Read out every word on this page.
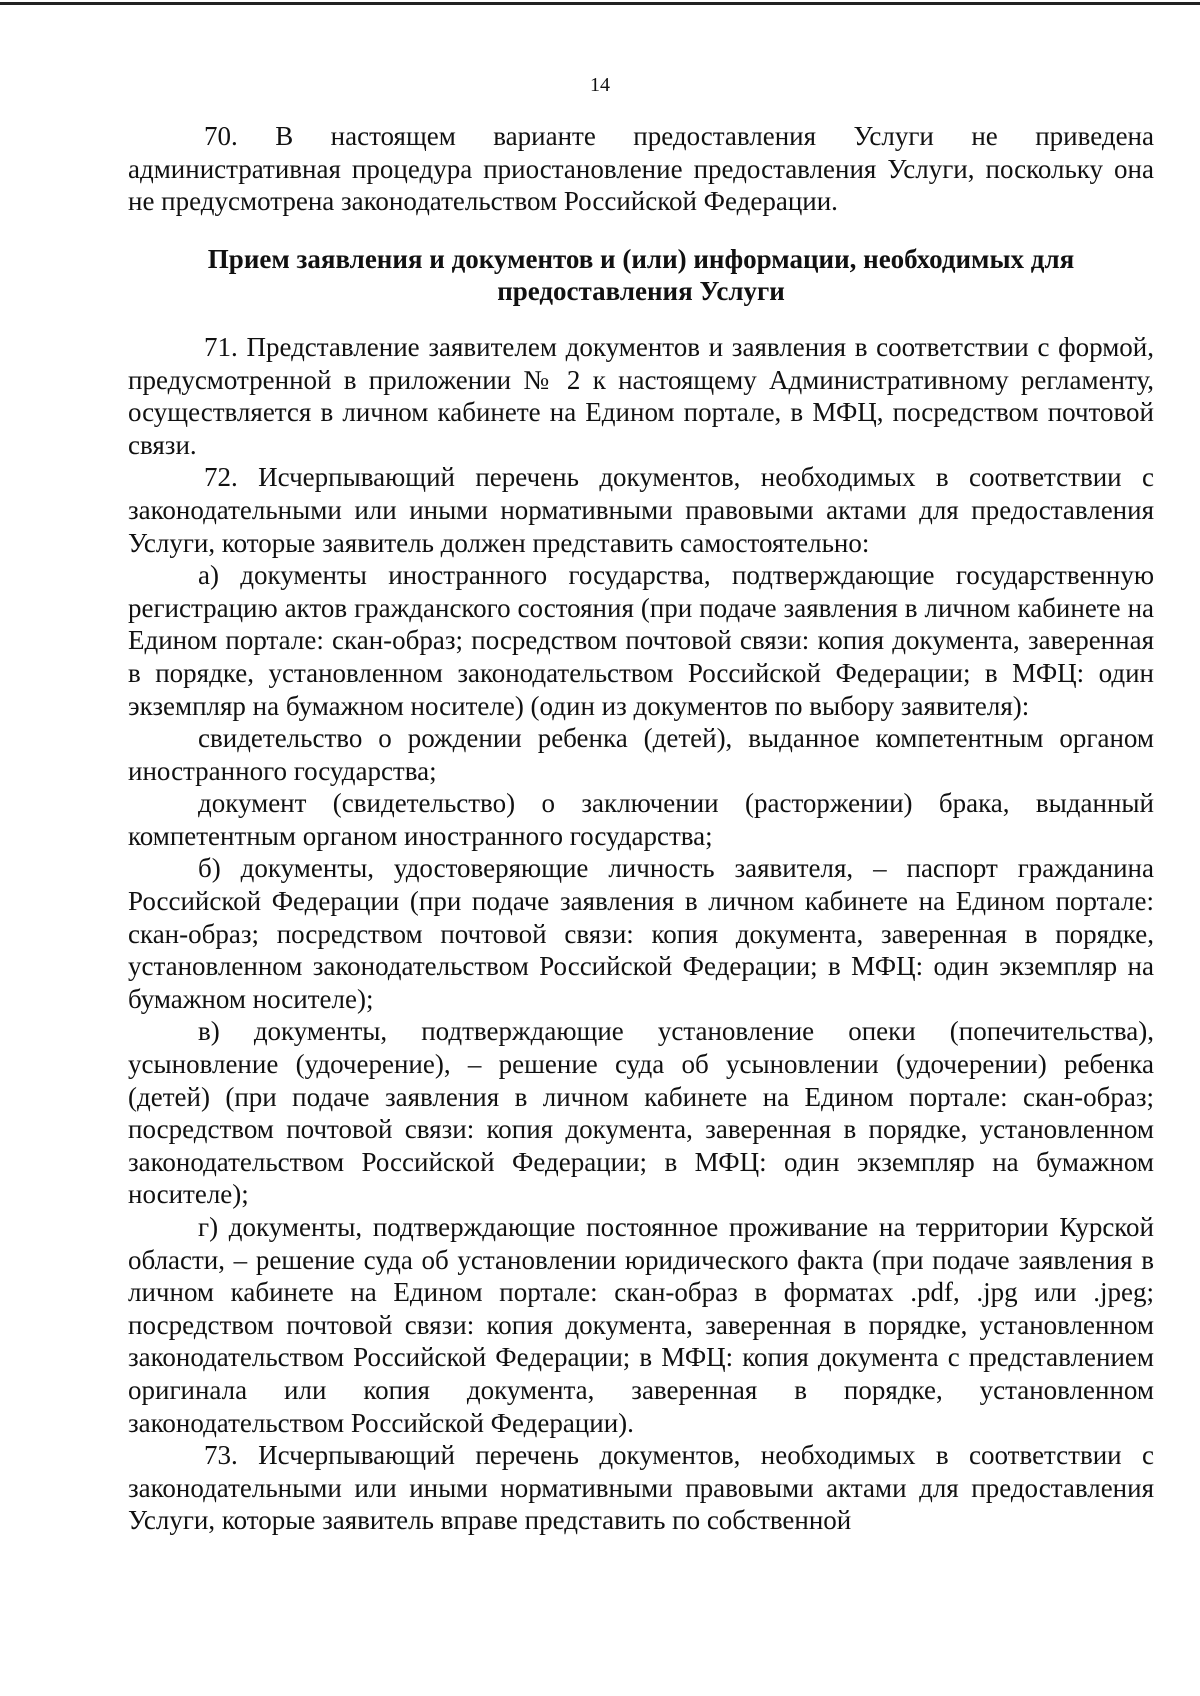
14

70. В настоящем варианте предоставления Услуги не приведена административная процедура приостановление предоставления Услуги, поскольку она не предусмотрена законодательством Российской Федерации.

Прием заявления и документов и (или) информации, необходимых для предоставления Услуги

71. Представление заявителем документов и заявления в соответствии с формой, предусмотренной в приложении № 2 к настоящему Административному регламенту, осуществляется в личном кабинете на Едином портале, в МФЦ, посредством почтовой связи.

72. Исчерпывающий перечень документов, необходимых в соответствии с законодательными или иными нормативными правовыми актами для предоставления Услуги, которые заявитель должен представить самостоятельно:

а) документы иностранного государства, подтверждающие государственную регистрацию актов гражданского состояния (при подаче заявления в личном кабинете на Едином портале: скан-образ; посредством почтовой связи: копия документа, заверенная в порядке, установленном законодательством Российской Федерации; в МФЦ: один экземпляр на бумажном носителе) (один из документов по выбору заявителя):

свидетельство о рождении ребенка (детей), выданное компетентным органом иностранного государства;

документ (свидетельство) о заключении (расторжении) брака, выданный компетентным органом иностранного государства;

б) документы, удостоверяющие личность заявителя, – паспорт гражданина Российской Федерации (при подаче заявления в личном кабинете на Едином портале: скан-образ; посредством почтовой связи: копия документа, заверенная в порядке, установленном законодательством Российской Федерации; в МФЦ: один экземпляр на бумажном носителе);

в) документы, подтверждающие установление опеки (попечительства), усыновление (удочерение), – решение суда об усыновлении (удочерении) ребенка (детей) (при подаче заявления в личном кабинете на Едином портале: скан-образ; посредством почтовой связи: копия документа, заверенная в порядке, установленном законодательством Российской Федерации; в МФЦ: один экземпляр на бумажном носителе);

г) документы, подтверждающие постоянное проживание на территории Курской области, – решение суда об установлении юридического факта (при подаче заявления в личном кабинете на Едином портале: скан-образ в форматах .pdf, .jpg или .jpeg; посредством почтовой связи: копия документа, заверенная в порядке, установленном законодательством Российской Федерации; в МФЦ: копия документа с представлением оригинала или копия документа, заверенная в порядке, установленном законодательством Российской Федерации).

73. Исчерпывающий перечень документов, необходимых в соответствии с законодательными или иными нормативными правовыми актами для предоставления Услуги, которые заявитель вправе представить по собственной
